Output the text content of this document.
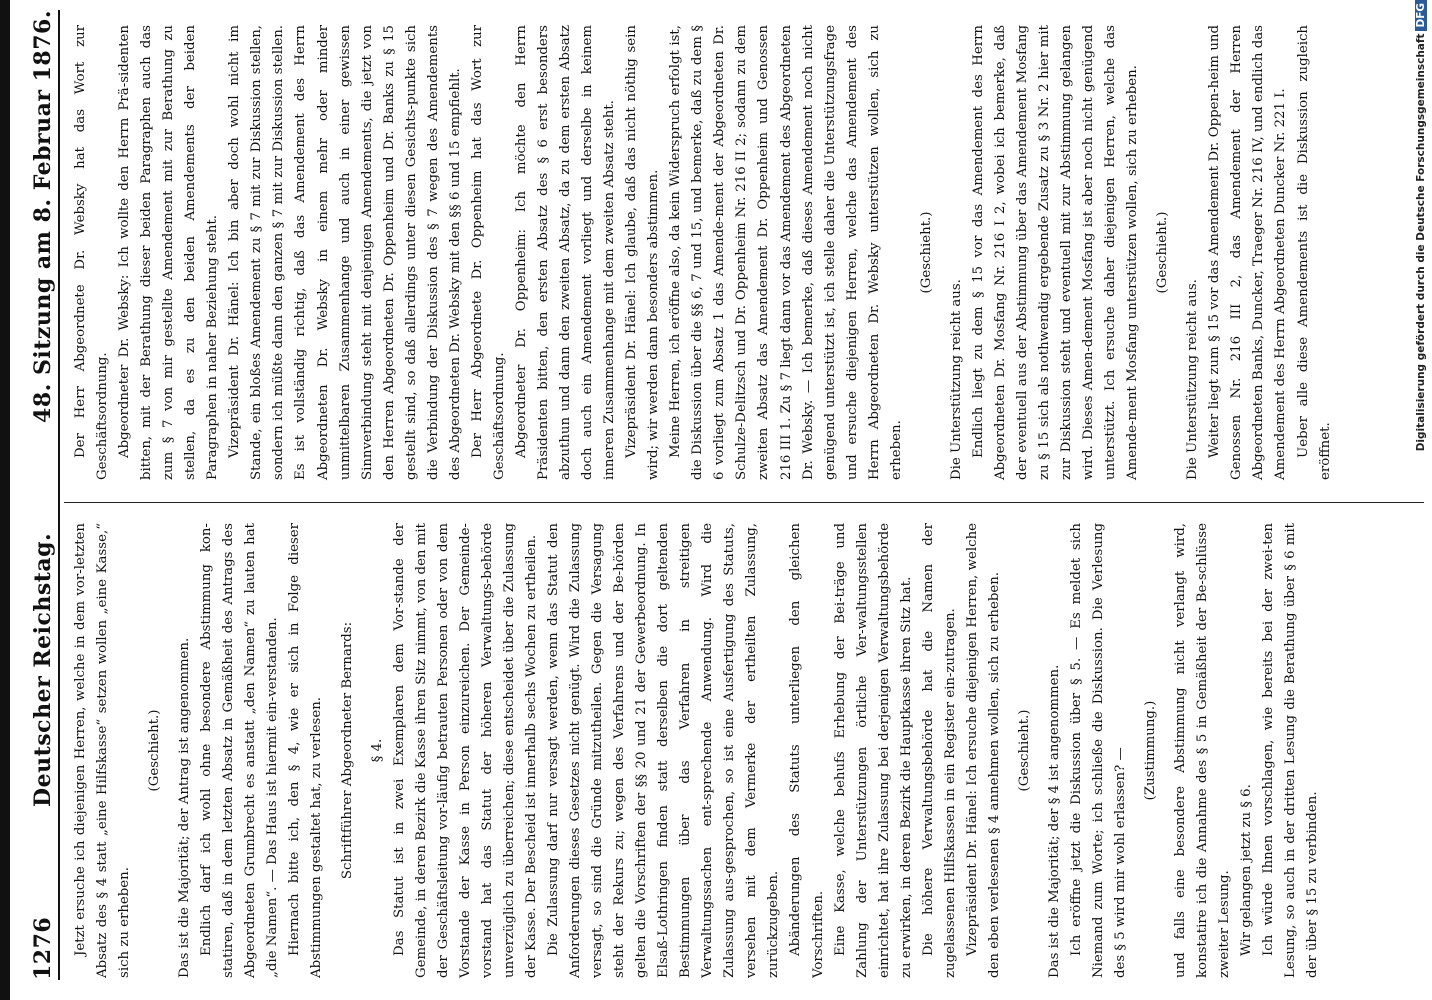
1276
Deutscher Reichstag.
48. Sitzung am 8. Februar 1876.

Jetzt ersuche ich diejenigen Herren, welche in dem vor-letzten Absatz des § 4 statt „eine Hilfskasse“ setzen wollen „eine Kasse,“ sich zu erheben.

(Geschieht.)	Das ist die Majorität; der Antrag ist angenommen. Endlich darf ich wohl ohne besondere Abstimmung kon-statiren, daß in dem letzten Absatz in Gemäßheit des Antrags des Abgeordneten Grumbrecht es anstatt „den Namen“ zu lauten hat „die Namen“. — Das Haus ist hiermit ein-verstanden. Hiernach bitte ich, den § 4, wie er sich in Folge dieser Abstimmungen gestaltet hat, zu verlesen.	Schriftführer Abgeordneter Bernards:	§ 4. Das Statut ist in zwei Exemplaren dem Vor-stande der Gemeinde, in deren Bezirk die Kasse ihren Sitz nimmt, von den mit der Geschäftsleitung vor-läufig betrauten Personen oder von dem Vorstande der Kasse in Person einzureichen. Der Gemeinde-vorstand hat das Statut der höheren Verwaltungs-behörde unverzüglich zu überreichen; diese entscheidet über die Zulassung der Kasse. Der Bescheid ist innerhalb sechs Wochen zu ertheilen. Die Zulassung darf nur versagt werden, wenn das Statut den Anforderungen dieses Gesetzes nicht genügt. Wird die Zulassung versagt, so sind die Gründe mitzutheilen. Gegen die Versagung steht der Rekurs zu; wegen des Verfahrens und der Be-hörden gelten die Vorschriften der §§ 20 und 21 der Gewerbeordnung. In Elsaß-Lothringen finden statt derselben die dort geltenden Bestimmungen über das Verfahren in streitigen Verwaltungssachen ent-sprechende Anwendung. Wird die Zulassung aus-gesprochen, so ist eine Ausfertigung des Statuts, versehen mit dem Vermerke der ertheilten Zulassung, zurückzugeben. Abänderungen des Statuts unterliegen den gleichen Vorschriften. Eine Kasse, welche behufs Erhebung der Bei-träge und Zahlung der Unterstützungen örtliche Ver-waltungsstellen einrichtet, hat ihre Zulassung bei derjenigen Verwaltungsbehörde zu erwirken, in deren Bezirk die Hauptkasse ihren Sitz hat. Die höhere Verwaltungsbehörde hat die Namen der zugelassenen Hilfskassen in ein Register ein-zutragen. Vizepräsident Dr. Hänel: Ich ersuche diejenigen Herren, welche den eben verlesenen § 4 annehmen wollen, sich zu erheben.	(Geschieht.)	Das ist die Majorität; der § 4 ist angenommen. Ich eröffne jetzt die Diskussion über § 5. — Es meldet sich Niemand zum Worte; ich schließe die Diskussion. Die Verlesung des § 5 wird mir wohl erlassen? —	(Zustimmung.)	und falls eine besondere Abstimmung nicht verlangt wird, konstatire ich die Annahme des § 5 in Gemäßheit der Be-schlüsse zweiter Lesung. Wir gelangen jetzt zu § 6. Ich würde Ihnen vorschlagen, wie bereits bei der zwei-ten Lesung, so auch in der dritten Lesung die Berathung über § 6 mit der über § 15 zu verbinden.

Der Herr Abgeordnete Dr. Websky hat das Wort zur Geschäftsordnung. Abgeordneter Dr. Websky: Ich wollte den Herrn Prä-sidenten bitten, mit der Berathung dieser beiden Paragraphen auch das zum § 7 von mir gestellte Amendement mit zur Berathung zu stellen, da es zu den beiden Amendements der beiden Paragraphen in naher Beziehung steht. Vizepräsident Dr. Hänel: Ich bin aber doch wohl nicht im Stande, ein bloßes Amendement zu § 7 mit zur Diskussion stellen, sondern ich müßte dann den ganzen § 7 mit zur Diskussion stellen. Es ist vollständig richtig, daß das Amendement des Herrn Abgeordneten Dr. Websky in einem mehr oder minder unmittelbaren Zusammenhange und auch in einer gewissen Sinnverbindung steht mit denjenigen Amendements, die jetzt von den Herren Abgeordneten Dr. Oppenheim und Dr. Banks zu § 15 gestellt sind, so daß allerdings unter diesen Gesichts-punkte sich die Verbindung der Diskussion des § 7 wegen des Amendements des Abgeordneten Dr. Websky mit den §§ 6 und 15 empfiehlt. Der Herr Abgeordnete Dr. Oppenheim hat das Wort zur Geschäftsordnung. Abgeordneter Dr. Oppenheim: Ich möchte den Herrn Präsidenten bitten, den ersten Absatz des § 6 erst besonders abzuthun und dann den zweiten Absatz, da zu dem ersten Absatz doch auch ein Amendement vorliegt und derselbe in keinem inneren Zusammenhange mit dem zweiten Absatz steht. Vizepräsident Dr. Hänel: Ich glaube, daß das nicht nöthig sein wird; wir werden dann besonders abstimmen. Meine Herren, ich eröffne also, da kein Widerspruch erfolgt ist, die Diskussion über die §§ 6, 7 und 15, und bemerke, daß zu dem § 6 vorliegt zum Absatz 1 das Amende-ment der Abgeordneten Dr. Schulze-Delitzsch und Dr. Oppenheim Nr. 216 II 2; sodann zu dem zweiten Absatz das Amendement Dr. Oppenheim und Genossen 216 III 1. Zu § 7 liegt dann vor das Amendement des Abgeordneten Dr. Websky. — Ich bemerke, daß dieses Amendement noch nicht genügend unterstützt ist, ich stelle daher die Unterstützungsfrage und ersuche diejenigen Herren, welche das Amendement des Herrn Abgeordneten Dr. Websky unterstützen wollen, sich zu erheben.

(Geschieht.)

Die Unterstützung reicht aus. Endlich liegt zu dem § 15 vor das Amendement des Herrn Abgeordneten Dr. Mosfang Nr. 216 I 2, wobei ich bemerke, daß der eventuell aus der Abstimmung über das Amendement Mosfang zu § 15 sich als nothwendig ergebende Zusatz zu § 3 Nr. 2 hier mit zur Diskussion steht und eventuell mit zur Abstimmung gelangen wird. Dieses Amen-dement Mosfang ist aber noch nicht genügend unterstützt. Ich ersuche daher diejenigen Herren, welche das Amende-ment Mosfang unterstützen wollen, sich zu erheben.	(Geschieht.)

Die Unterstützung reicht aus. Weiter liegt zum § 15 vor das Amendement Dr. Oppen-heim und Genossen Nr. 216 III 2, das Amendement der Herren Abgeordneten Banks, Duncker, Traeger Nr. 216 IV, und endlich das Amendement des Herrn Abgeordneten Duncker Nr. 221 I. Ueber alle diese Amendements ist die Diskussion zugleich eröffnet.	Digitalisierung gefördert durch die Deutsche ForschungsgemeinschaftDFG
